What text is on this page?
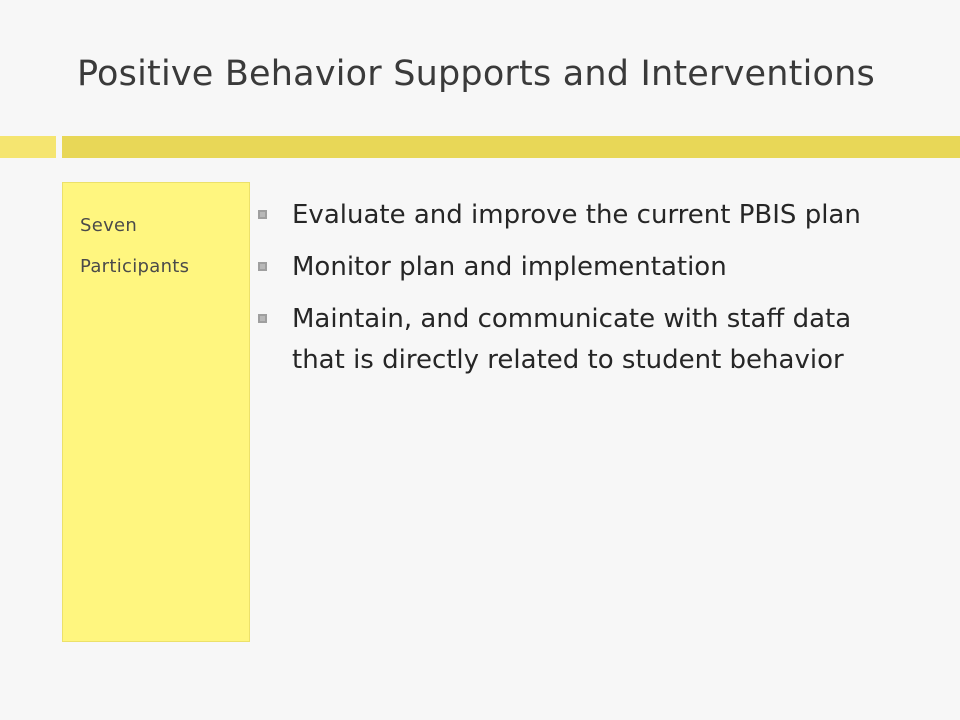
Positive Behavior Supports and Interventions
Seven Participants
Evaluate and improve the current PBIS plan
Monitor plan and implementation
Maintain, and communicate with staff data that is directly related to student behavior
